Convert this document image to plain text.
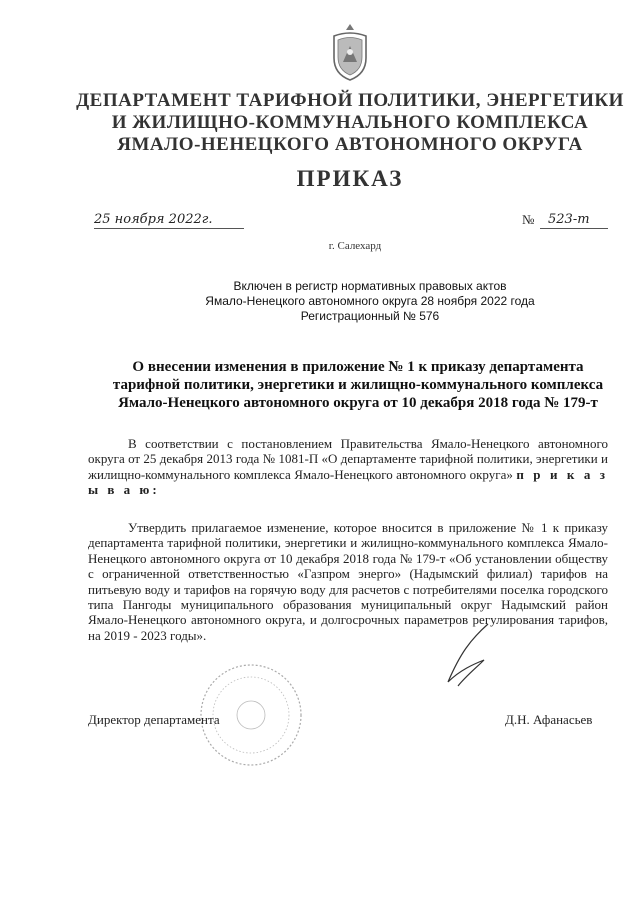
ДЕПАРТАМЕНТ ТАРИФНОЙ ПОЛИТИКИ, ЭНЕРГЕТИКИ
И ЖИЛИЩНО-КОММУНАЛЬНОГО КОМПЛЕКСА
ЯМАЛО-НЕНЕЦКОГО АВТОНОМНОГО ОКРУГА
ПРИКАЗ
25 ноября 2022г.	№	523-т
г. Салехард
Включен в регистр нормативных правовых актов
Ямало-Ненецкого автономного округа 28 ноября 2022 года
Регистрационный № 576
О внесении изменения в приложение № 1 к приказу департамента
тарифной политики, энергетики и жилищно-коммунального комплекса
Ямало-Ненецкого автономного округа от 10 декабря 2018 года № 179-т
В соответствии с постановлением Правительства Ямало-Ненецкого автономного округа от 25 декабря 2013 года № 1081-П «О департаменте тарифной политики, энергетики и жилищно-коммунального комплекса Ямало-Ненецкого автономного округа» п р и к а з ы в а ю:
Утвердить прилагаемое изменение, которое вносится в приложение № 1 к приказу департамента тарифной политики, энергетики и жилищно-коммунального комплекса Ямало-Ненецкого автономного округа от 10 декабря 2018 года № 179-т «Об установлении обществу с ограниченной ответственностью «Газпром энерго» (Надымский филиал) тарифов на питьевую воду и тарифов на горячую воду для расчетов с потребителями поселка городского типа Пангоды муниципального образования муниципальный округ Надымский район Ямало-Ненецкого автономного округа, и долгосрочных параметров регулирования тарифов, на 2019 - 2023 годы».
Директор департамента	Д.Н. Афанасьев
